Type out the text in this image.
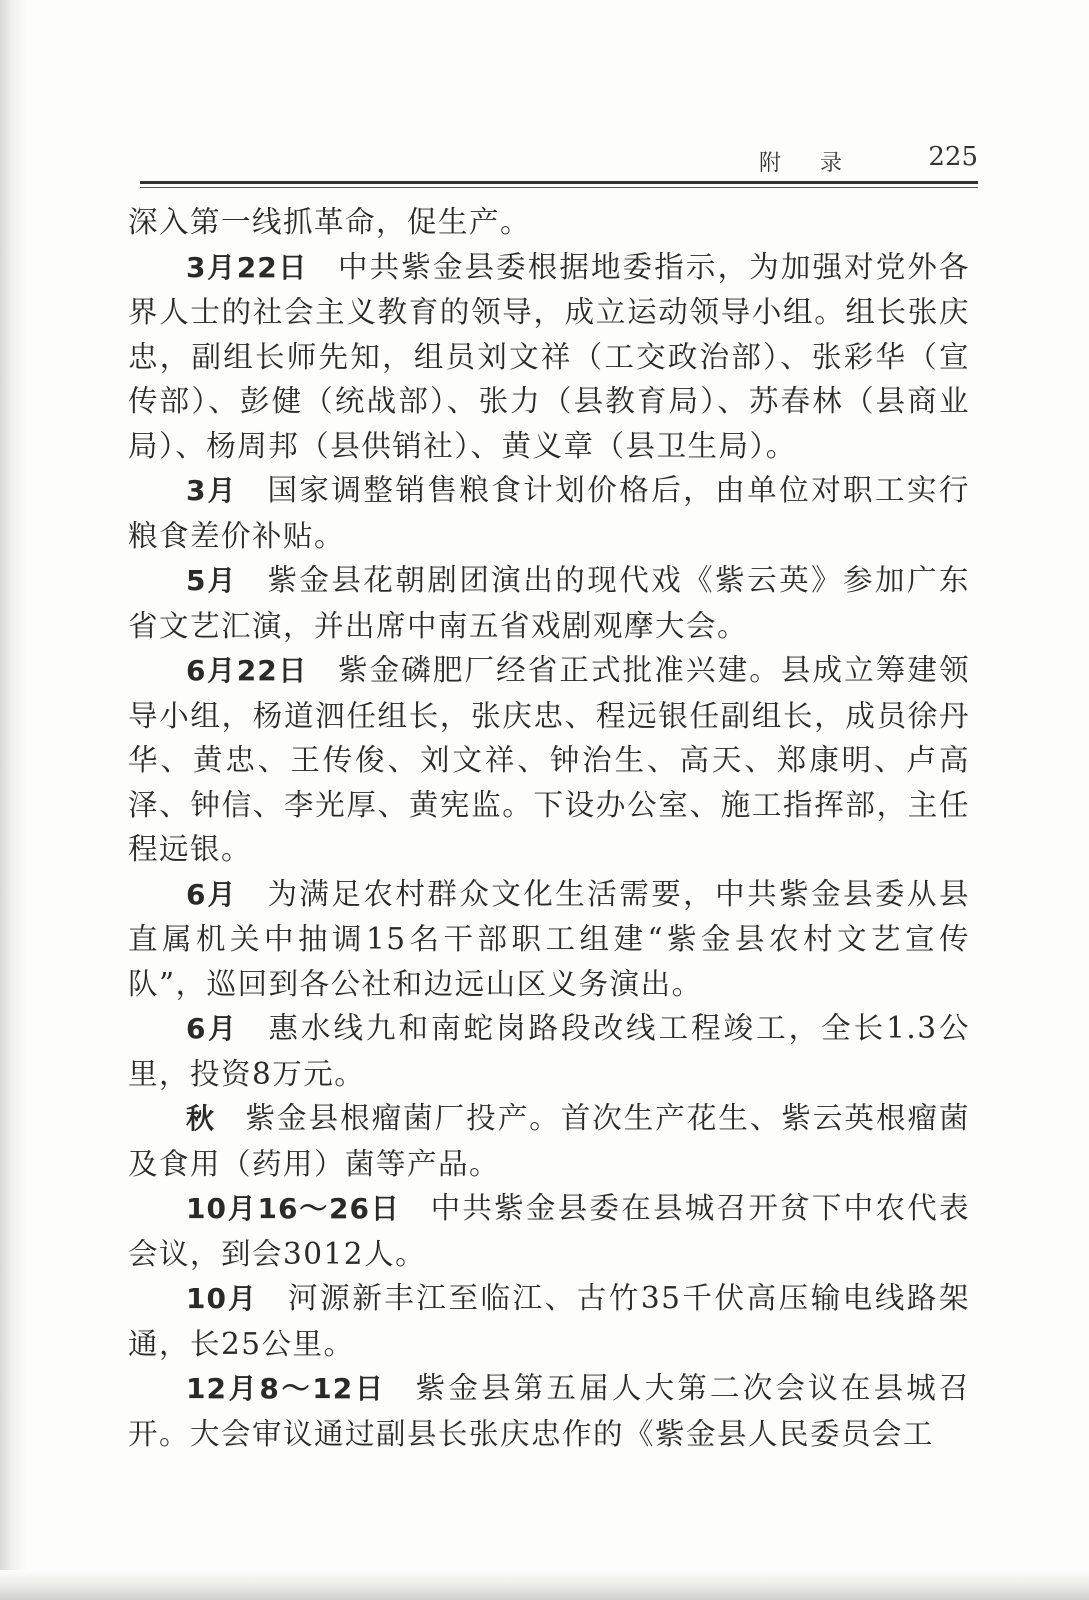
附 录	225

深入第一线抓革命，促生产。

3月22日 中共紫金县委根据地委指示，为加强对党外各界人士的社会主义教育的领导，成立运动领导小组。组长张庆忠，副组长师先知，组员刘文祥（工交政治部）、张彩华（宣传部）、彭健（统战部）、张力（县教育局）、苏春林（县商业局）、杨周邦（县供销社）、黄义章（县卫生局）。

3月 国家调整销售粮食计划价格后，由单位对职工实行粮食差价补贴。

5月 紫金县花朝剧团演出的现代戏《紫云英》参加广东省文艺汇演，并出席中南五省戏剧观摩大会。

6月22日 紫金磷肥厂经省正式批准兴建。县成立筹建领导小组，杨道泗任组长，张庆忠、程远银任副组长，成员徐丹华、黄忠、王传俊、刘文祥、钟治生、高天、郑康明、卢高泽、钟信、李光厚、黄宪监。下设办公室、施工指挥部，主任程远银。

6月 为满足农村群众文化生活需要，中共紫金县委从县直属机关中抽调15名干部职工组建“紫金县农村文艺宣传队”，巡回到各公社和边远山区义务演出。

6月 惠水线九和南蛇岗路段改线工程竣工，全长1.3公里，投资8万元。

秋 紫金县根瘤菌厂投产。首次生产花生、紫云英根瘤菌及食用（药用）菌等产品。

10月16～26日 中共紫金县委在县城召开贫下中农代表会议，到会3012人。

10月 河源新丰江至临江、古竹35千伏高压输电线路架通，长25公里。

12月8～12日 紫金县第五届人大第二次会议在县城召开。大会审议通过副县长张庆忠作的《紫金县人民委员会工
